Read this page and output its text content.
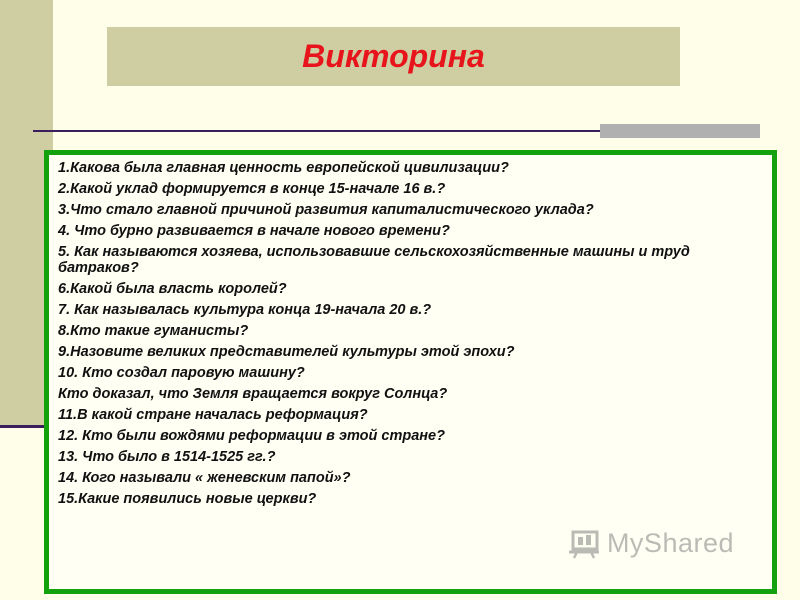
Викторина
1.Какова была главная ценность европейской цивилизации?
2.Какой уклад формируется в конце 15-начале 16 в.?
3.Что стало главной причиной развития капиталистического уклада?
4. Что бурно развивается в начале нового времени?
5. Как называются хозяева, использовавшие сельскохозяйственные машины и труд батраков?
6.Какой была власть королей?
7. Как называлась культура конца 19-начала 20 в.?
8.Кто такие гуманисты?
9.Назовите великих представителей культуры этой эпохи?
10. Кто создал паровую машину?
Кто доказал, что Земля вращается вокруг Солнца?
11.В какой стране началась реформация?
12. Кто были вождями реформации в этой стране?
13. Что было в 1514-1525 гг.?
14. Кого называли « женевским папой»?
15.Какие появились новые церкви?
MyShared
